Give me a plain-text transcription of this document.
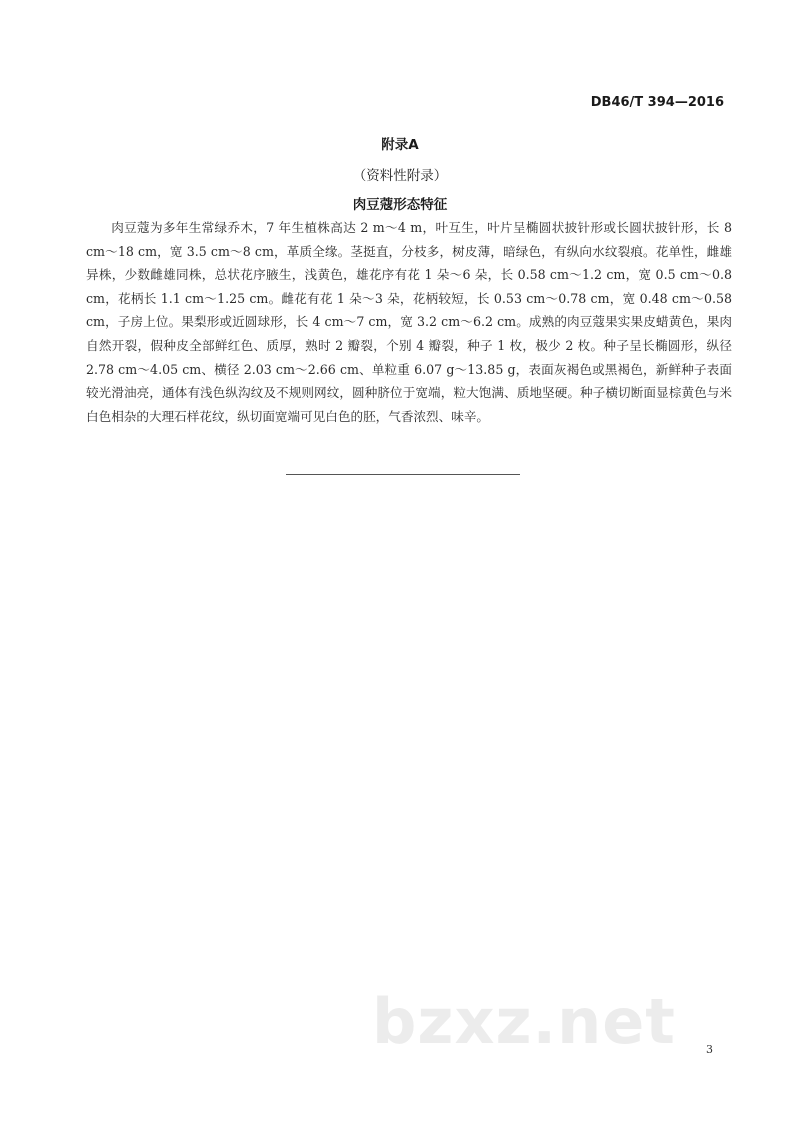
DB46/T 394—2016
附录A
（资料性附录）
肉豆蔻形态特征

肉豆蔻为多年生常绿乔木，7 年生植株高达 2 m～4 m，叶互生，叶片呈椭圆状披针形或长圆状披针形，长 8 cm～18 cm，宽 3.5 cm～8 cm，革质全缘。茎挺直，分枝多，树皮薄，暗绿色，有纵向水纹裂痕。花单性，雌雄异株，少数雌雄同株，总状花序腋生，浅黄色，雄花序有花 1 朵～6 朵，长 0.58 cm～1.2 cm，宽 0.5 cm～0.8 cm，花柄长 1.1 cm～1.25 cm。雌花有花 1 朵～3 朵，花柄较短，长 0.53 cm～0.78 cm，宽 0.48 cm～0.58 cm，子房上位。果梨形或近圆球形，长 4 cm～7 cm，宽 3.2 cm～6.2 cm。成熟的肉豆蔻果实果皮蜡黄色，果肉自然开裂，假种皮全部鲜红色、质厚，熟时 2 瓣裂，个别 4 瓣裂，种子 1 枚，极少 2 枚。种子呈长椭圆形，纵径 2.78 cm～4.05 cm、横径 2.03 cm～2.66 cm、单粒重 6.07 g～13.85 g，表面灰褐色或黑褐色，新鲜种子表面较光滑油亮，通体有浅色纵沟纹及不规则网纹，圆种脐位于宽端，粒大饱满、质地坚硬。种子横切断面显棕黄色与米白色相杂的大理石样花纹，纵切面宽端可见白色的胚，气香浓烈、味辛。

bzxz.net	3
